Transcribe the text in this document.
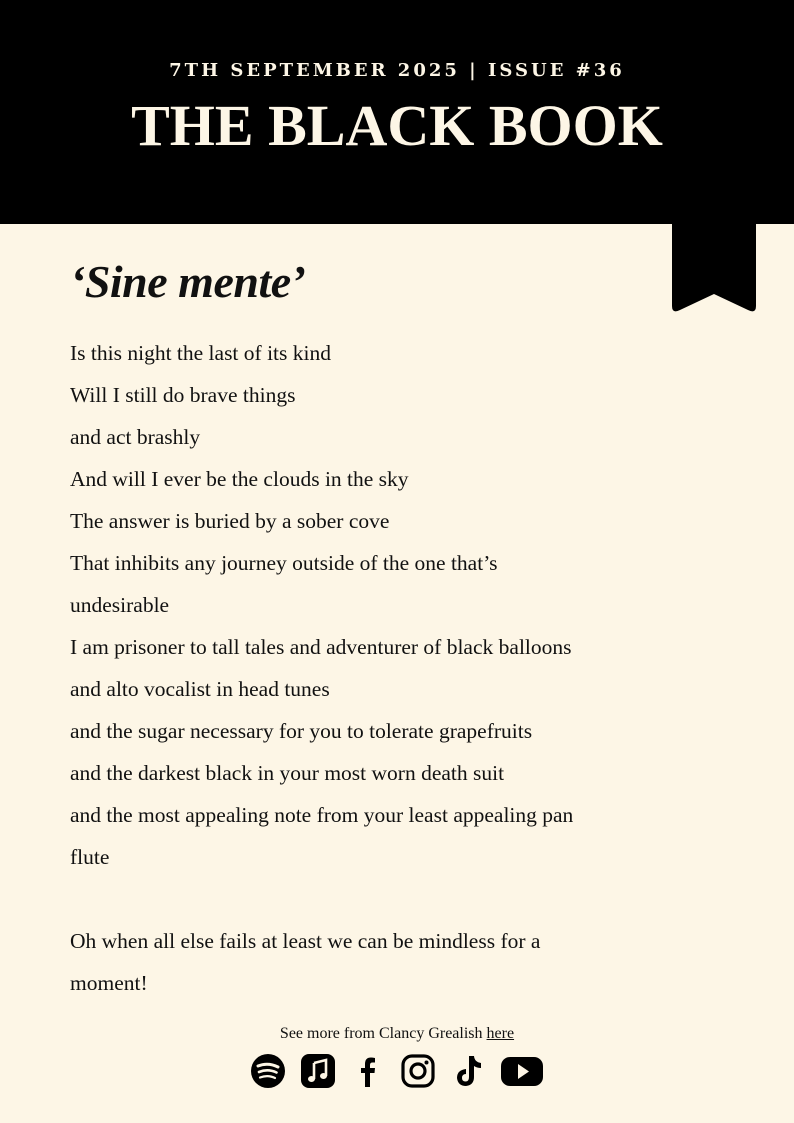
7TH SEPTEMBER 2025 | ISSUE #36
THE BLACK BOOK
‘Sine mente’
Is this night the last of its kind
Will I still do brave things
and act brashly
And will I ever be the clouds in the sky
The answer is buried by a sober cove
That inhibits any journey outside of the one that’s
undesirable
I am prisoner to tall tales and adventurer of black balloons
and alto vocalist in head tunes
and the sugar necessary for you to tolerate grapefruits
and the darkest black in your most worn death suit
and the most appealing note from your least appealing pan
flute
Oh when all else fails at least we can be mindless for a
moment!
See more from Clancy Grealish here
